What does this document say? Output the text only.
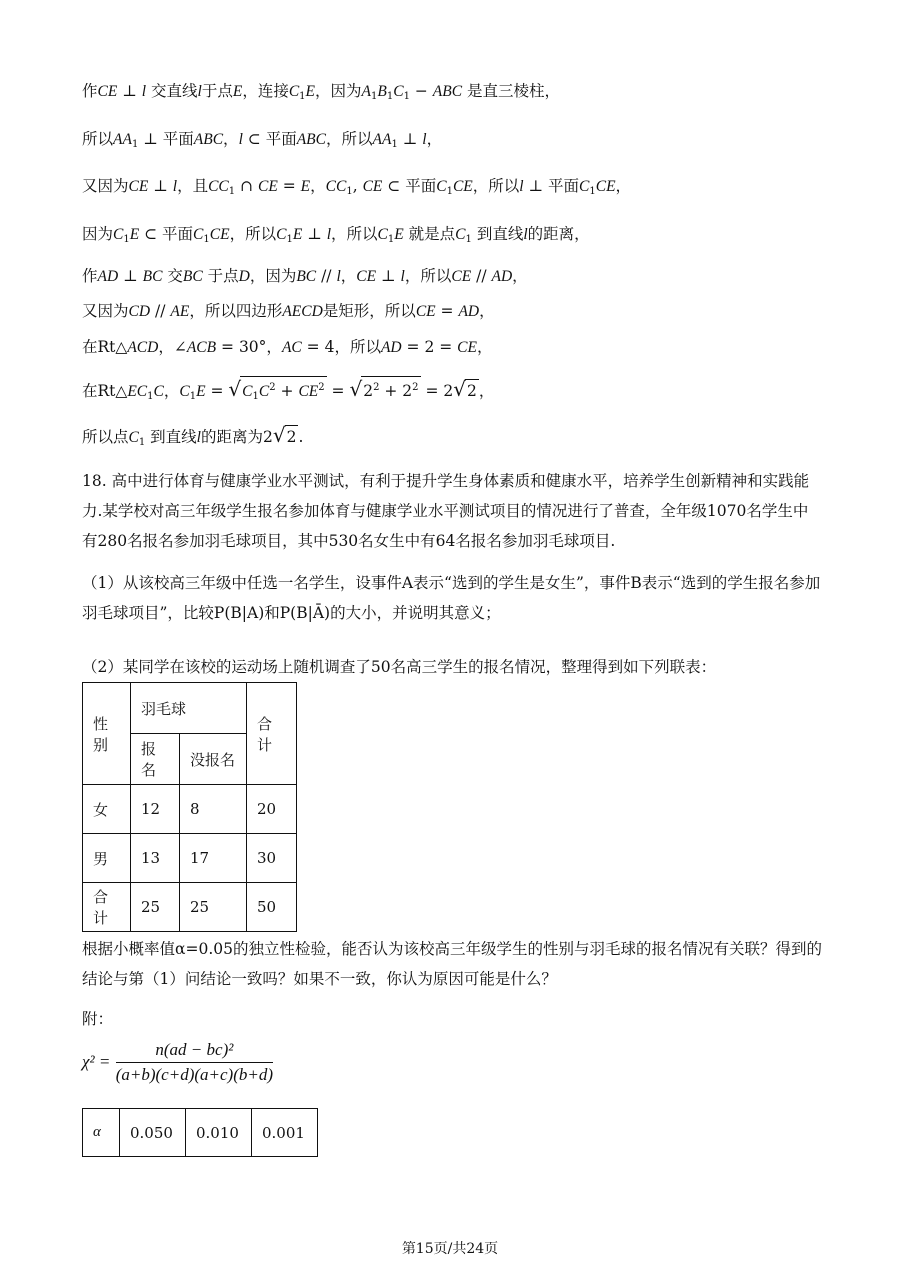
作CE ⊥ l 交直线l于点E，连接$C_1E$，因为$A_1B_1C_1$ − ABC 是直三棱柱，
所以$AA_1$ ⊥ 平面ABC，l ⊂ 平面ABC，所以$AA_1$ ⊥ l，
又因为CE ⊥ l，且$CC_1$ ∩ CE = E，$CC_1$, CE ⊂ 平面$C_1CE$，所以l ⊥ 平面$C_1CE$，
因为$C_1E$ ⊂ 平面$C_1CE$，所以$C_1E$ ⊥ l，所以$C_1E$ 就是点$C_1$ 到直线l的距离，
作AD ⊥ BC 交BC 于点D，因为BC // l，CE ⊥ l，所以CE // AD，
又因为CD // AE，所以四边形AECD是矩形，所以CE = AD，
在Rt△ACD，∠ACB = 30°，AC = 4，所以AD = 2 = CE，
在$Rt\triangle EC_1C$，$C_1E = √C_1C^2 + CE^2 = √2^2 + 2^2 = 2√2$ ，
所以点$C_1$ 到直线l的距离为2√2 .

18. 高中进行体育与健康学业水平测试，有利于提升学生身体素质和健康水平，培养学生创新精神和实践能力.某学校对高三年级学生报名参加体育与健康学业水平测试项目的情况进行了普查，全年级1070名学生中有280名报名参加羽毛球项目，其中530名女生中有64名报名参加羽毛球项目.

（1）从该校高三年级中任选一名学生，设事件A表示“选到的学生是女生”，事件B表示“选到的学生报名参加羽毛球项目”，比较P(B|A)和P(B|Ā)的大小，并说明其意义；

（2）某同学在该校的运动场上随机调查了50名高三学生的报名情况，整理得到如下列联表：

性别	羽毛球		合计
	报名	没报名	
女	12	8	20
男	13	17	30
合计	25	25	50

根据小概率值α=0.05的独立性检验，能否认为该校高三年级学生的性别与羽毛球的报名情况有关联？得到的结论与第（1）问结论一致吗？如果不一致，你认为原因可能是什么？

附：

$\chi^2 = \frac{\text{n(ad − bc)²}}{(a+b)(c+d)(a+c)(b+d)}$
α	0.050	0.010	0.001
第15页/共24页
